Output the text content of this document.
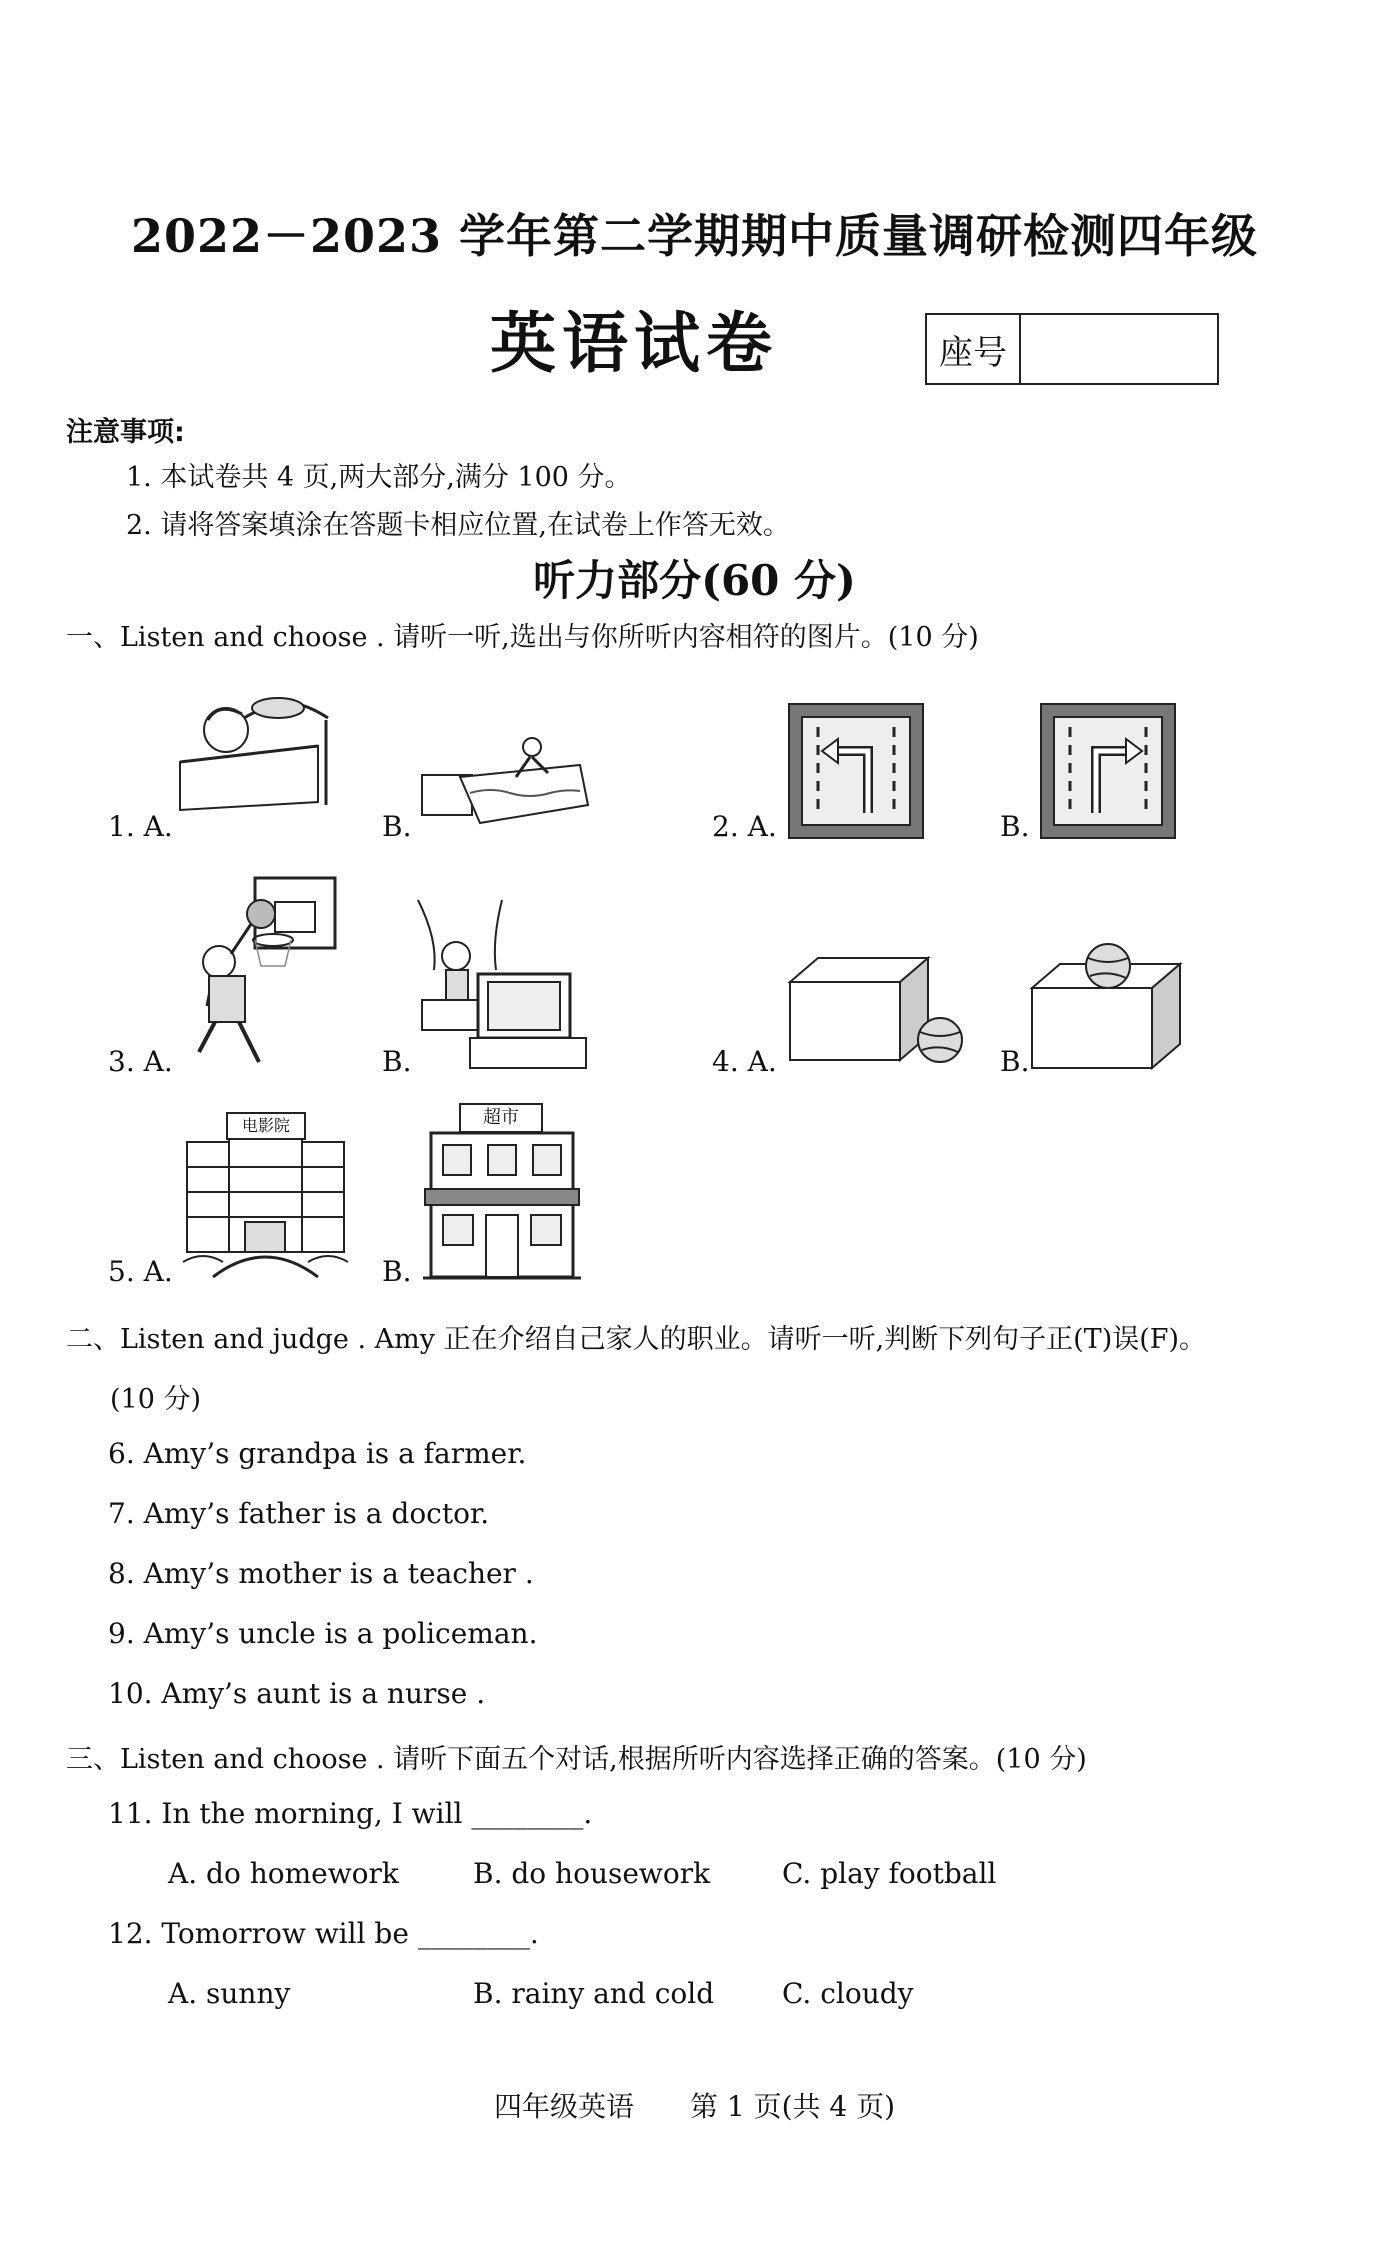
2022－2023 学年第二学期期中质量调研检测四年级
英语试卷	座号
注意事项:
1. 本试卷共 4 页,两大部分,满分 100 分。
2. 请将答案填涂在答题卡相应位置,在试卷上作答无效。
听力部分(60 分)
一、Listen and choose . 请听一听,选出与你所听内容相符的图片。(10 分)
1. A.	B.	2. A.	B.
3. A.	B.	4. A.	B.
5. A.	B.
电影院	超市
二、Listen and judge . Amy 正在介绍自己家人的职业。请听一听,判断下列句子正(T)误(F)。
(10 分)
6. Amy’s grandpa is a farmer.
7. Amy’s father is a doctor.
8. Amy’s mother is a teacher .
9. Amy’s uncle is a policeman.
10. Amy’s aunt is a nurse .
三、Listen and choose . 请听下面五个对话,根据所听内容选择正确的答案。(10 分)
11. In the morning, I will ________.
A. do homework	B. do housework	C. play football
12. Tomorrow will be ________.
A. sunny	B. rainy and cold C. cloudy
四年级英语　　第 1 页(共 4 页)
